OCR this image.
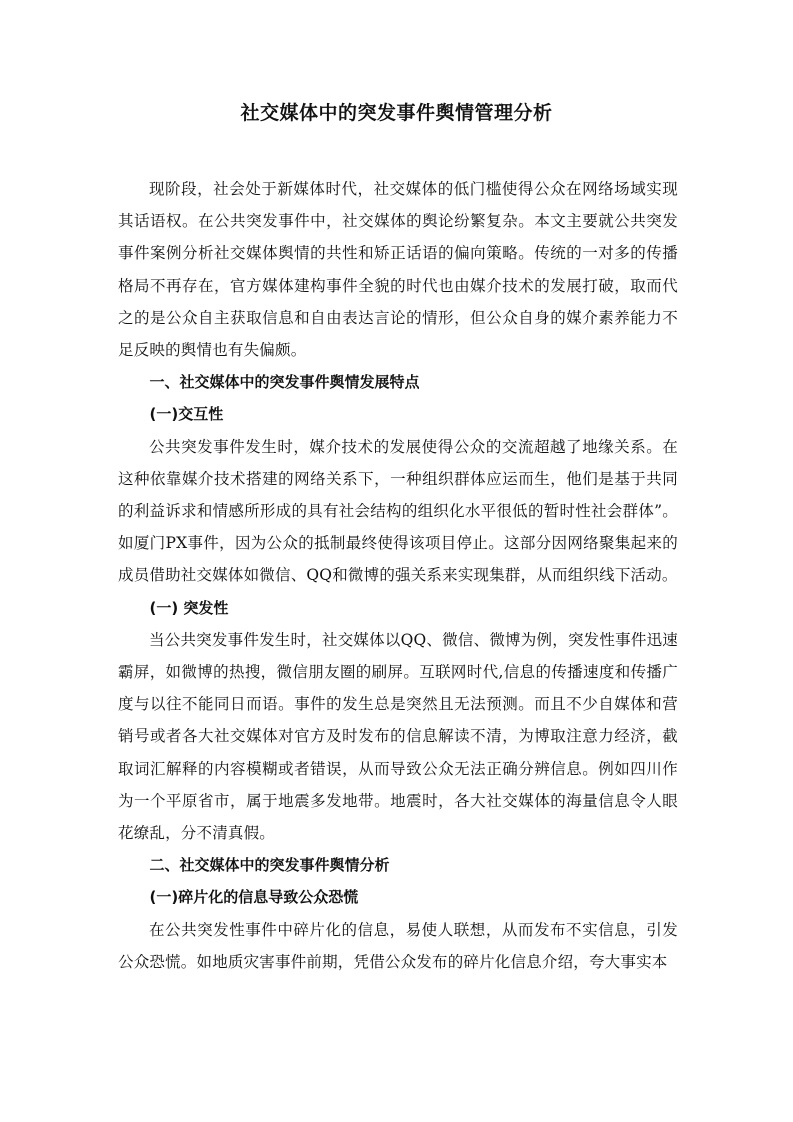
社交媒体中的突发事件舆情管理分析

现阶段，社会处于新媒体时代，社交媒体的低门槛使得公众在网络场域实现其话语权。在公共突发事件中，社交媒体的舆论纷繁复杂。本文主要就公共突发事件案例分析社交媒体舆情的共性和矫正话语的偏向策略。传统的一对多的传播格局不再存在，官方媒体建构事件全貌的时代也由媒介技术的发展打破，取而代之的是公众自主获取信息和自由表达言论的情形，但公众自身的媒介素养能力不足反映的舆情也有失偏颇。

一、社交媒体中的突发事件舆情发展特点

(一)交互性

公共突发事件发生时，媒介技术的发展使得公众的交流超越了地缘关系。在这种依靠媒介技术搭建的网络关系下，一种组织群体应运而生，他们是基于共同的利益诉求和情感所形成的具有社会结构的组织化水平很低的暂时性社会群体”。如厦门PX事件，因为公众的抵制最终使得该项目停止。这部分因网络聚集起来的成员借助社交媒体如微信、QQ和微博的强关系来实现集群，从而组织线下活动。

(一) 突发性

当公共突发事件发生时，社交媒体以QQ、微信、微博为例，突发性事件迅速霸屏，如微博的热搜，微信朋友圈的刷屏。互联网时代,信息的传播速度和传播广度与以往不能同日而语。事件的发生总是突然且无法预测。而且不少自媒体和营销号或者各大社交媒体对官方及时发布的信息解读不清，为博取注意力经济，截取词汇解释的内容模糊或者错误，从而导致公众无法正确分辨信息。例如四川作为一个平原省市，属于地震多发地带。地震时，各大社交媒体的海量信息令人眼花缭乱，分不清真假。

二、社交媒体中的突发事件舆情分析

(一)碎片化的信息导致公众恐慌

在公共突发性事件中碎片化的信息，易使人联想，从而发布不实信息，引发公众恐慌。如地质灾害事件前期，凭借公众发布的碎片化信息介绍，夸大事实本
